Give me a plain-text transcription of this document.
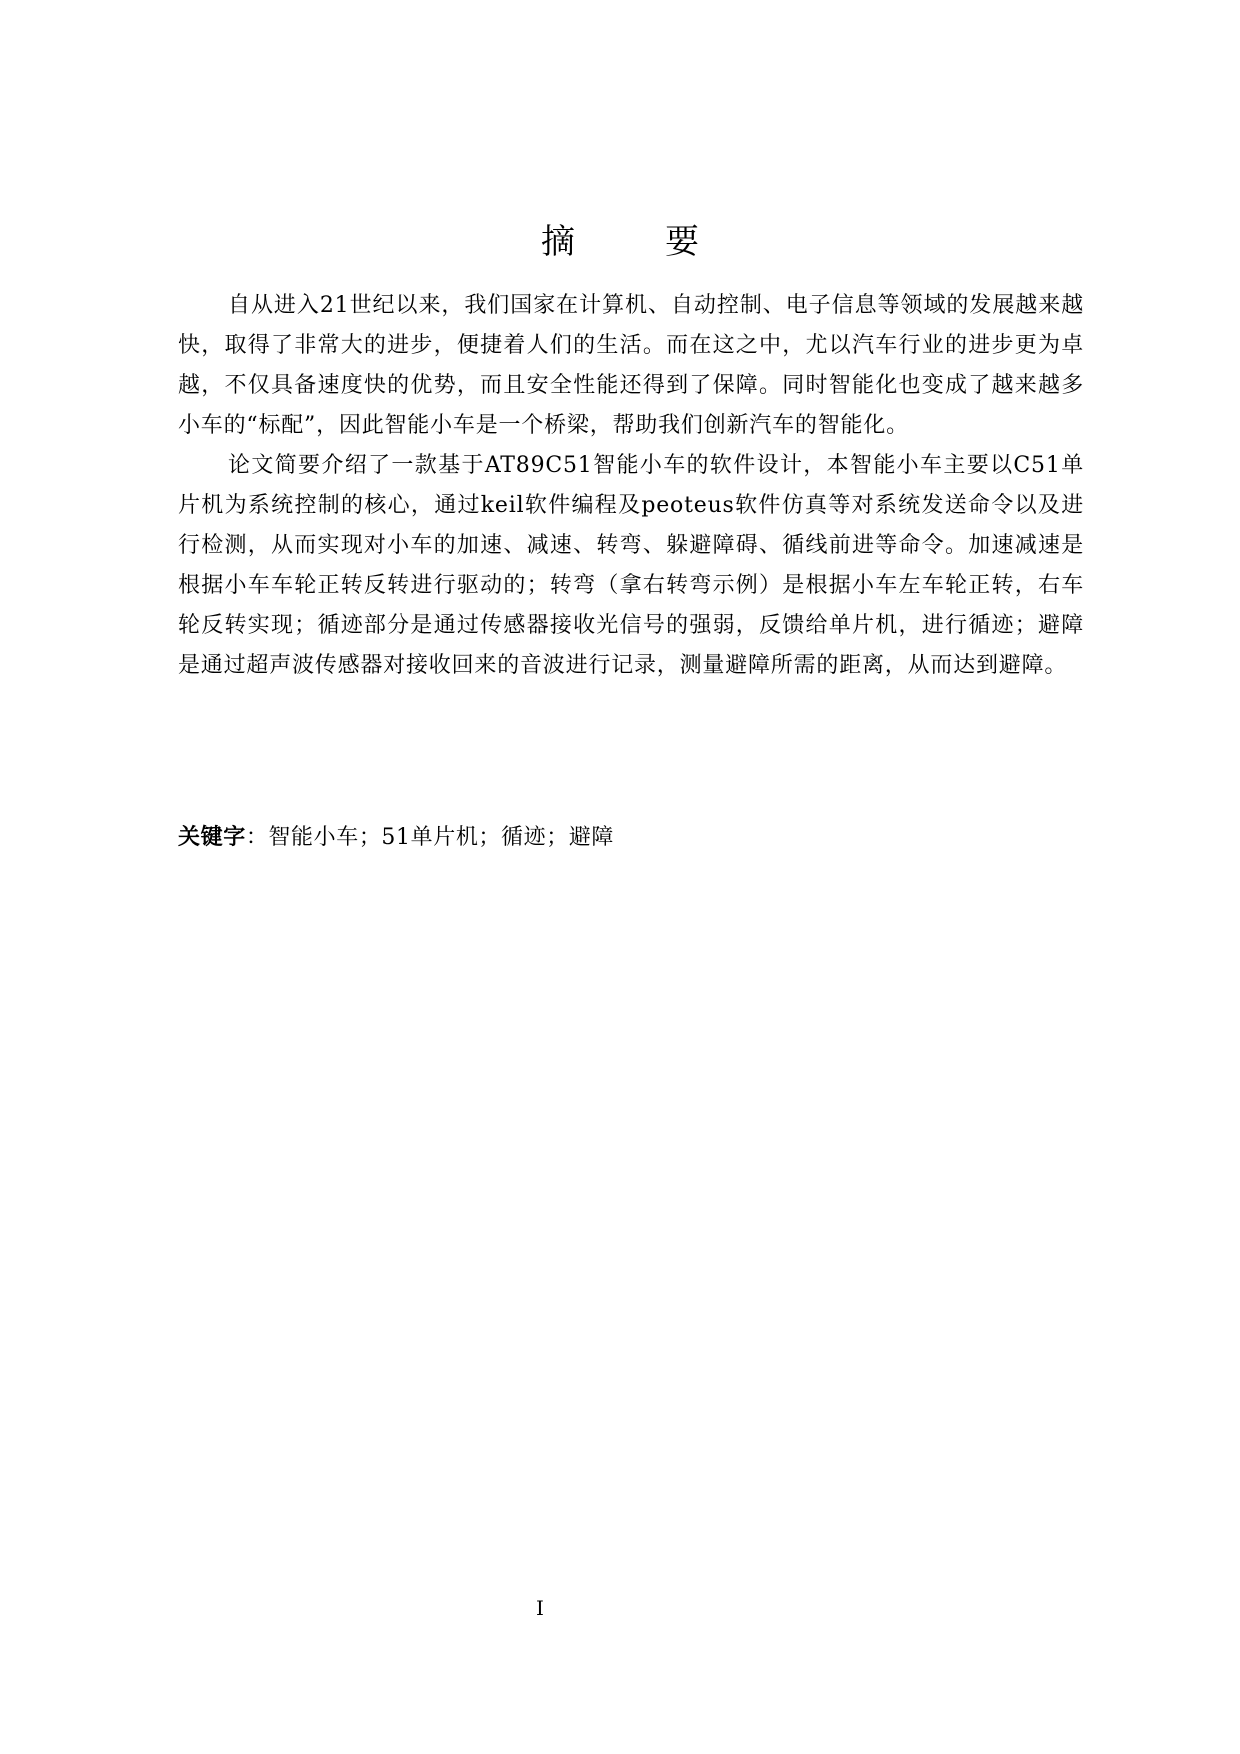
摘　要

自从进入21世纪以来，我们国家在计算机、自动控制、电子信息等领域的发展越来越快，取得了非常大的进步，便捷着人们的生活。而在这之中，尤以汽车行业的进步更为卓越，不仅具备速度快的优势，而且安全性能还得到了保障。同时智能化也变成了越来越多小车的“标配”，因此智能小车是一个桥梁，帮助我们创新汽车的智能化。

论文简要介绍了一款基于AT89C51智能小车的软件设计，本智能小车主要以C51单片机为系统控制的核心，通过keil软件编程及peoteus软件仿真等对系统发送命令以及进行检测，从而实现对小车的加速、减速、转弯、躲避障碍、循线前进等命令。加速减速是根据小车车轮正转反转进行驱动的；转弯（拿右转弯示例）是根据小车左车轮正转，右车轮反转实现；循迹部分是通过传感器接收光信号的强弱，反馈给单片机，进行循迹；避障是通过超声波传感器对接收回来的音波进行记录，测量避障所需的距离，从而达到避障。

关键字：智能小车；51单片机；循迹；避障
I
